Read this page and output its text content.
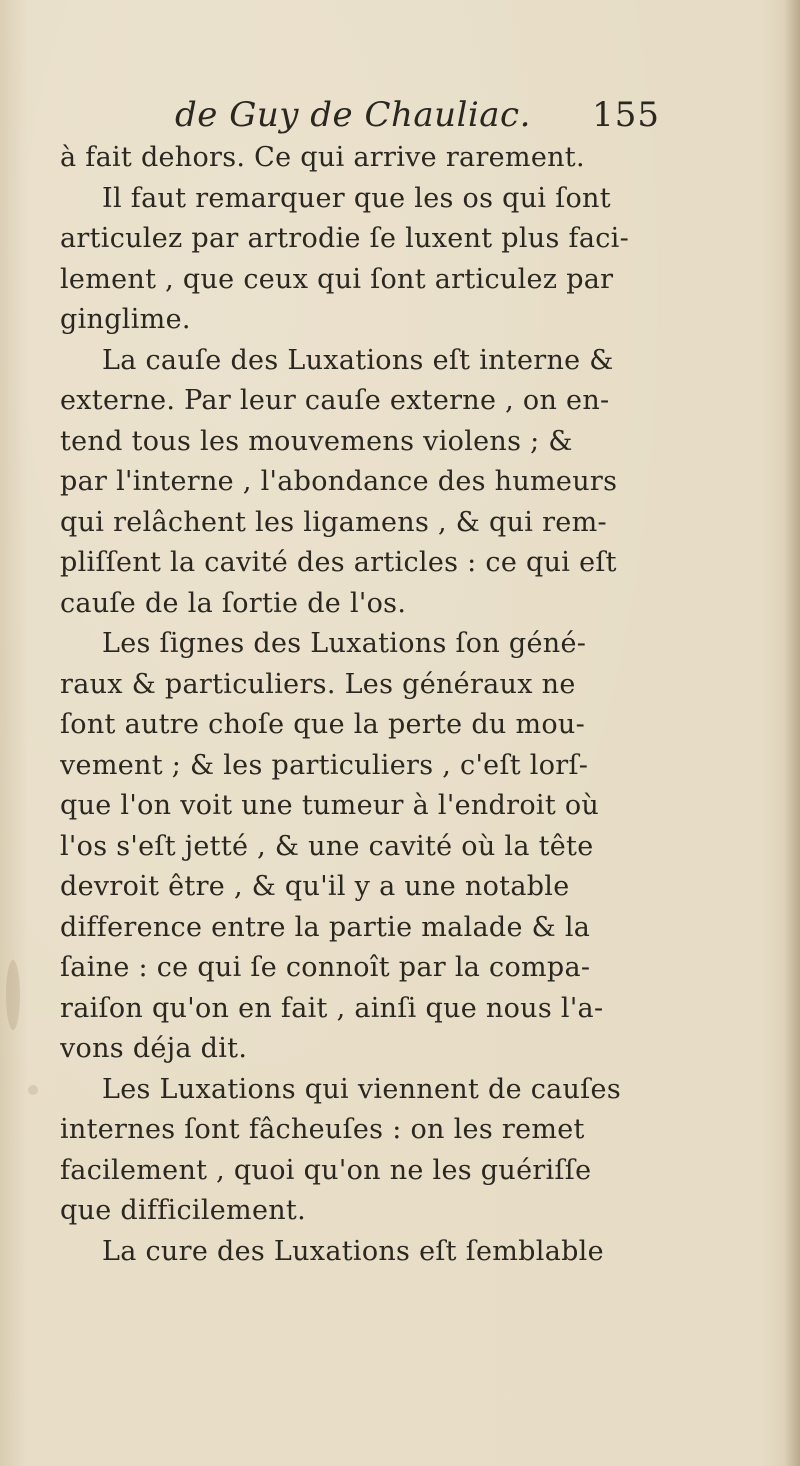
de Guy de Chauliac. 155
à fait dehors. Ce qui arrive rarement.
Il faut remarquer que les os qui ſont
articulez par artrodie ſe luxent plus faci-
lement , que ceux qui ſont articulez par
ginglime.
La cauſe des Luxations eſt interne &
externe. Par leur cauſe externe , on en-
tend tous les mouvemens violens ; &
par l'interne , l'abondance des humeurs
qui relâchent les ligamens , & qui rem-
pliſſent la cavité des articles : ce qui eſt
cauſe de la ſortie de l'os.
Les ſignes des Luxations ſon géné-
raux & particuliers. Les généraux ne
ſont autre choſe que la perte du mou-
vement ; & les particuliers , c'eſt lorſ-
que l'on voit une tumeur à l'endroit où
l'os s'eſt jetté , & une cavité où la tête
devroit être , & qu'il y a une notable
difference entre la partie malade & la
ſaine : ce qui ſe connoît par la compa-
raiſon qu'on en fait , ainſi que nous l'a-
vons déja dit.
Les Luxations qui viennent de cauſes
internes ſont fâcheuſes : on les remet
facilement , quoi qu'on ne les guériſſe
que difficilement.
La cure des Luxations eſt ſemblable
